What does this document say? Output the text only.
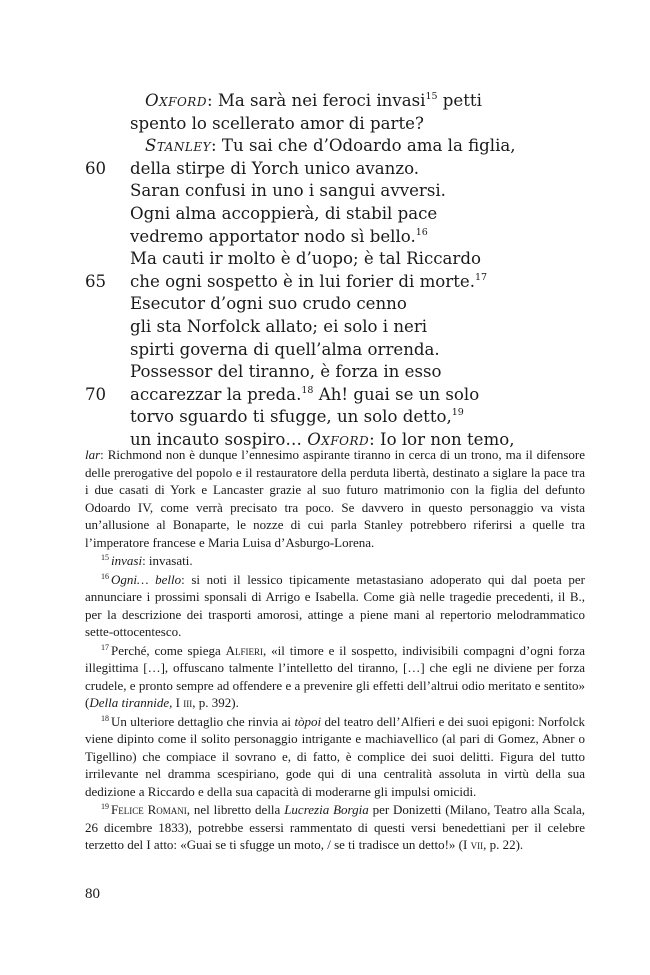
Oxford: Ma sarà nei feroci invasi$^{15}$ petti
spento lo scellerato amor di parte?
Stanley: Tu sai che d’Odoardo ama la figlia,
60 della stirpe di Yorch unico avanzo.
Saran confusi in uno i sangui avversi.
Ogni alma accoppierà, di stabil pace
vedremo apportator nodo sì bello.$^{16}$
Ma cauti ir molto è d’uopo; è tal Riccardo
65 che ogni sospetto è in lui forier di morte.$^{17}$
Esecutor d’ogni suo crudo cenno
gli sta Norfolck allato; ei solo i neri
spirti governa di quell’alma orrenda.
Possessor del tiranno, è forza in esso
70 accarezzar la preda.$^{18}$ Ah! guai se un solo
torvo sguardo ti sfugge, un solo detto,$^{19}$
un incauto sospiro… Oxford: Io lor non temo,

lar: Richmond non è dunque l’ennesimo aspirante tiranno in cerca di un trono, ma il difensore delle prerogative del popolo e il restauratore della perduta libertà, destinato a siglare la pace tra i due casati di York e Lancaster grazie al suo futuro matrimonio con la figlia del defunto Odoardo IV, come verrà precisato tra poco. Se davvero in questo personaggio va vista un’allusione al Bonaparte, le nozze di cui parla Stanley potrebbero riferirsi a quelle tra l’imperatore francese e Maria Luisa d’Asburgo-Lorena.

$^{15}$ invasi: invasati.

$^{16}$ Ogni… bello: si noti il lessico tipicamente metastasiano adoperato qui dal poeta per annunciare i prossimi sponsali di Arrigo e Isabella. Come già nelle tragedie precedenti, il B., per la descrizione dei trasporti amorosi, attinge a piene mani al repertorio melodrammatico sette-ottocentesco.

$^{17}$ Perché, come spiega Alfieri, «il timore e il sospetto, indivisibili compagni d’ogni forza illegittima […], offuscano talmente l’intelletto del tiranno, […] che egli ne diviene per forza crudele, e pronto sempre ad offendere e a prevenire gli effetti dell’altrui odio meritato e sentito» (Della tirannide, I iii, p. 392).

$^{18}$ Un ulteriore dettaglio che rinvia ai tòpoi del teatro dell’Alfieri e dei suoi epigoni: Norfolck viene dipinto come il solito personaggio intrigante e machiavellico (al pari di Gomez, Abner o Tigellino) che compiace il sovrano e, di fatto, è complice dei suoi delitti. Figura del tutto irrilevante nel dramma scespiriano, gode qui di una centralità assoluta in virtù della sua dedizione a Riccardo e della sua capacità di moderarne gli impulsi omicidi.

$^{19}$ Felice Romani, nel libretto della Lucrezia Borgia per Donizetti (Milano, Teatro alla Scala, 26 dicembre 1833), potrebbe essersi rammentato di questi versi benedettiani per il celebre terzetto del I atto: «Guai se ti sfugge un moto, / se ti tradisce un detto!» (I vii, p. 22).

80
